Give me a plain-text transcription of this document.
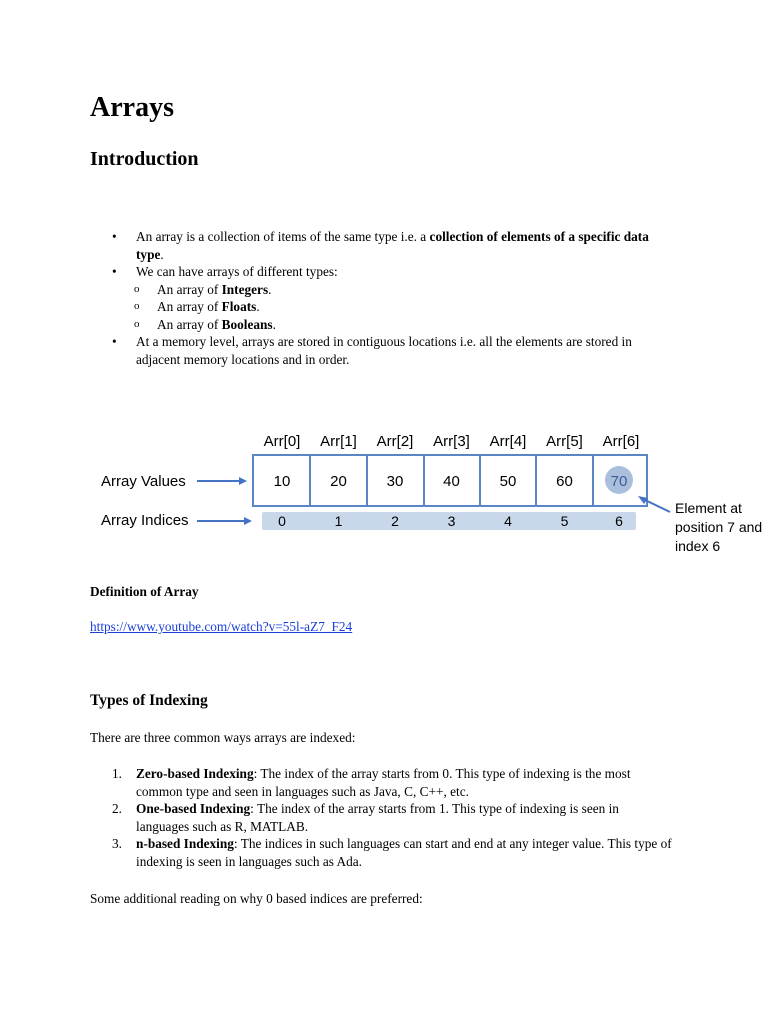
Arrays
Introduction
• An array is a collection of items of the same type i.e. a collection of elements of a specific data type.
• We can have arrays of different types:
o An array of Integers.
o An array of Floats.
o An array of Booleans.
• At a memory level, arrays are stored in contiguous locations i.e. all the elements are stored in adjacent memory locations and in order.
Arr[0] Arr[1] Arr[2] Arr[3] Arr[4] Arr[5] Arr[6]
10	20	30	40	50	60	70
0	1	2	3	4	5	6
Array Values
Array Indices
Element at
position 7 and
index 6
Definition of Array
https://www.youtube.com/watch?v=55l-aZ7_F24
Types of Indexing
There are three common ways arrays are indexed:
1. Zero-based Indexing: The index of the array starts from 0. This type of indexing is the most common type and seen in languages such as Java, C, C++, etc.
2. One-based Indexing: The index of the array starts from 1. This type of indexing is seen in languages such as R, MATLAB.
3. n-based Indexing: The indices in such languages can start and end at any integer value. This type of indexing is seen in languages such as Ada.
Some additional reading on why 0 based indices are preferred:
